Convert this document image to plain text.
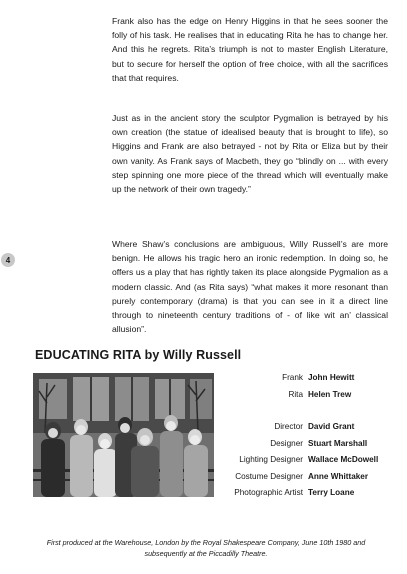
Frank also has the edge on Henry Higgins in that he sees sooner the folly of his task. He realises that in educating Rita he has to change her. And this he regrets. Rita’s triumph is not to master English Literature, but to secure for herself the option of free choice, with all the sacrifices that that requires.

Just as in the ancient story the sculptor Pygmalion is betrayed by his own creation (the statue of idealised beauty that is brought to life), so Higgins and Frank are also betrayed - not by Rita or Eliza but by their own vanity. As Frank says of Macbeth, they go “blindly on ... with every step spinning one more piece of the thread which will eventually make up the network of their own tragedy.”

Where Shaw’s conclusions are ambiguous, Willy Russell’s are more benign. He allows his tragic hero an ironic redemption. In doing so, he offers us a play that has rightly taken its place alongside Pygmalion as a modern classic. And (as Rita says) “what makes it more resonant than purely contemporary (drama) is that you can see in it a direct line through to nineteenth century traditions of - of like wit an’ classical allusion”.

4
EDUCATING RITA by Willy Russell
Frank John Hewitt
Rita Helen Trew
Director David Grant
Designer Stuart Marshall
Lighting Designer Wallace McDowell
Costume Designer Anne Whittaker
Photographic Artist Terry Loane

First produced at the Warehouse, London by the Royal Shakespeare Company, June 10th 1980 and subsequently at the Piccadilly Theatre.
